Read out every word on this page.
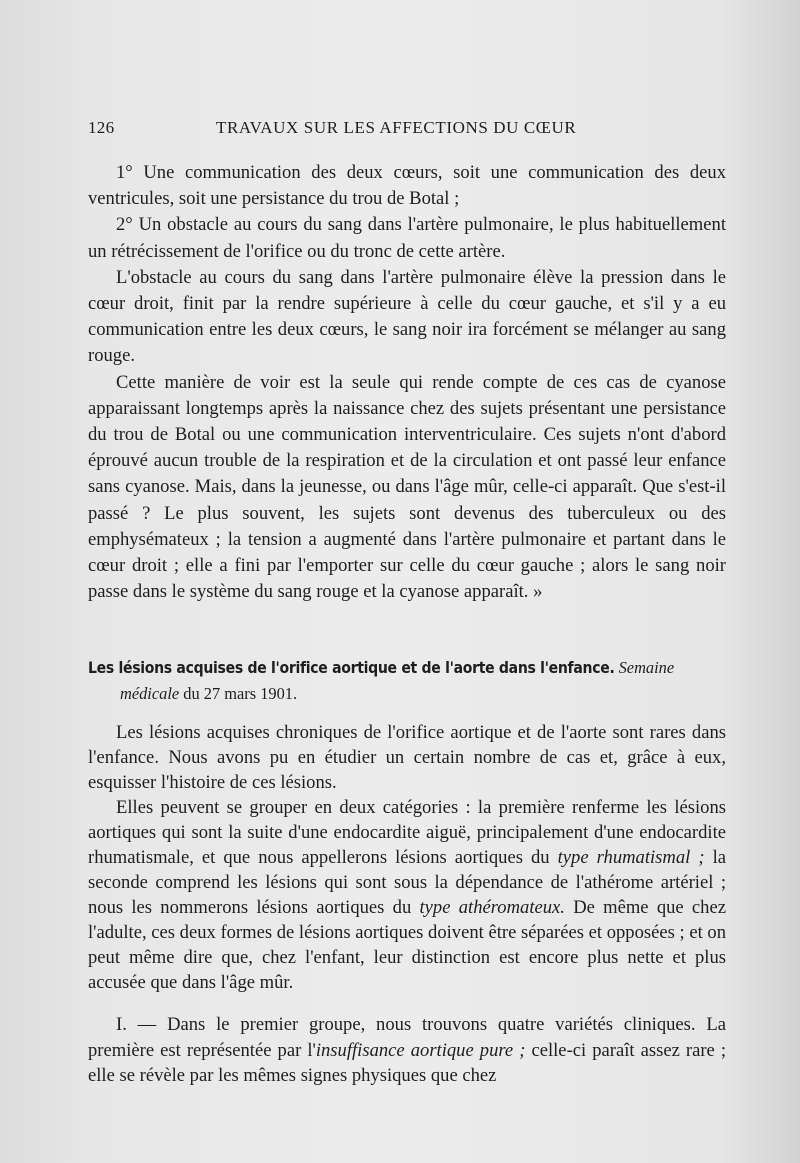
126	TRAVAUX SUR LES AFFECTIONS DU CŒUR

1° Une communication des deux cœurs, soit une communication des deux ventricules, soit une persistance du trou de Botal ;

2° Un obstacle au cours du sang dans l'artère pulmonaire, le plus habituellement un rétrécissement de l'orifice ou du tronc de cette artère.

L'obstacle au cours du sang dans l'artère pulmonaire élève la pression dans le cœur droit, finit par la rendre supérieure à celle du cœur gauche, et s'il y a eu communication entre les deux cœurs, le sang noir ira forcément se mélanger au sang rouge.

Cette manière de voir est la seule qui rende compte de ces cas de cyanose apparaissant longtemps après la naissance chez des sujets présentant une persistance du trou de Botal ou une communication interventriculaire. Ces sujets n'ont d'abord éprouvé aucun trouble de la respiration et de la circulation et ont passé leur enfance sans cyanose. Mais, dans la jeunesse, ou dans l'âge mûr, celle-ci apparaît. Que s'est-il passé ? Le plus souvent, les sujets sont devenus des tuberculeux ou des emphysémateux ; la tension a augmenté dans l'artère pulmonaire et partant dans le cœur droit ; elle a fini par l'emporter sur celle du cœur gauche ; alors le sang noir passe dans le système du sang rouge et la cyanose apparaît. »

Les lésions acquises de l'orifice aortique et de l'aorte dans l'enfance. Semaine
médicale du 27 mars 1901.

Les lésions acquises chroniques de l'orifice aortique et de l'aorte sont rares dans l'enfance. Nous avons pu en étudier un certain nombre de cas et, grâce à eux, esquisser l'histoire de ces lésions.

Elles peuvent se grouper en deux catégories : la première renferme les lésions aortiques qui sont la suite d'une endocardite aiguë, principalement d'une endocardite rhumatismale, et que nous appellerons lésions aortiques du type rhumatismal ; la seconde comprend les lésions qui sont sous la dépendance de l'athérome artériel ; nous les nommerons lésions aortiques du type athéromateux. De même que chez l'adulte, ces deux formes de lésions aortiques doivent être séparées et opposées ; et on peut même dire que, chez l'enfant, leur distinction est encore plus nette et plus accusée que dans l'âge mûr.

I. — Dans le premier groupe, nous trouvons quatre variétés cliniques. La première est représentée par l'insuffisance aortique pure ; celle-ci paraît assez rare ; elle se révèle par les mêmes signes physiques que chez
